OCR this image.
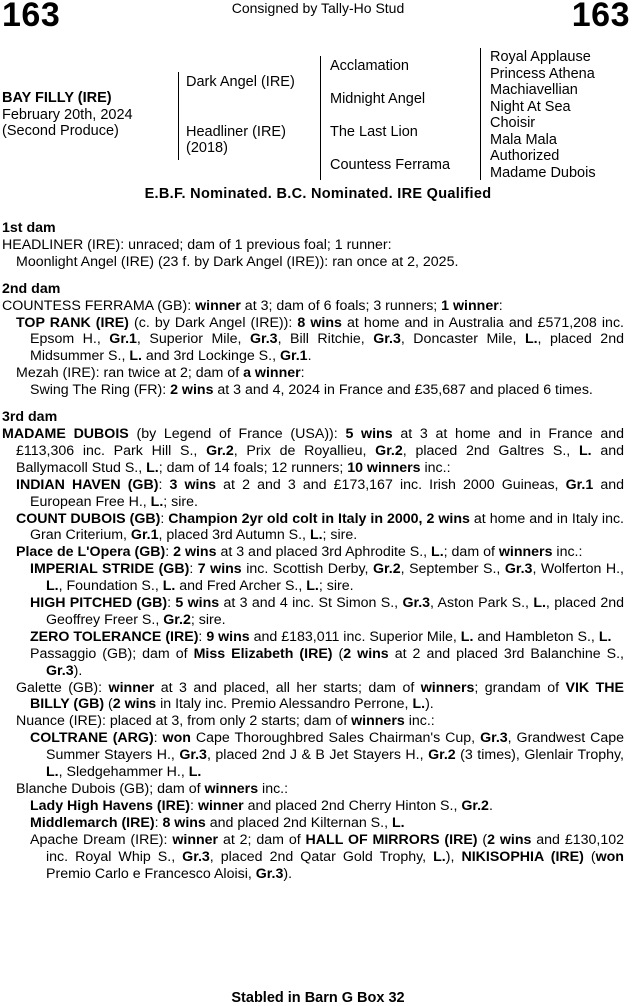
163	Consigned by Tally-Ho Stud	163
BAY FILLY (IRE)
February 20th, 2024
(Second Produce)
Dark Angel (IRE)
Headliner (IRE)
(2018)
Acclamation
Midnight Angel
The Last Lion
Countess Ferrama
Royal Applause
Princess Athena
Machiavellian
Night At Sea
Choisir
Mala Mala
Authorized
Madame Dubois
E.B.F. Nominated. B.C. Nominated. IRE Qualified
1st dam
HEADLINER (IRE): unraced; dam of 1 previous foal; 1 runner:
Moonlight Angel (IRE) (23 f. by Dark Angel (IRE)): ran once at 2, 2025.
2nd dam
COUNTESS FERRAMA (GB): winner at 3; dam of 6 foals; 3 runners; 1 winner:
TOP RANK (IRE) (c. by Dark Angel (IRE)): 8 wins at home and in Australia and £571,208 inc. Epsom H., Gr.1, Superior Mile, Gr.3, Bill Ritchie, Gr.3, Doncaster Mile, L., placed 2nd Midsummer S., L. and 3rd Lockinge S., Gr.1.
Mezah (IRE): ran twice at 2; dam of a winner:
Swing The Ring (FR): 2 wins at 3 and 4, 2024 in France and £35,687 and placed 6 times.
3rd dam
MADAME DUBOIS (by Legend of France (USA)): 5 wins at 3 at home and in France and £113,306 inc. Park Hill S., Gr.2, Prix de Royallieu, Gr.2, placed 2nd Galtres S., L. and Ballymacoll Stud S., L.; dam of 14 foals; 12 runners; 10 winners inc.:
INDIAN HAVEN (GB): 3 wins at 2 and 3 and £173,167 inc. Irish 2000 Guineas, Gr.1 and European Free H., L.; sire.
COUNT DUBOIS (GB): Champion 2yr old colt in Italy in 2000, 2 wins at home and in Italy inc. Gran Criterium, Gr.1, placed 3rd Autumn S., L.; sire.
Place de L'Opera (GB): 2 wins at 3 and placed 3rd Aphrodite S., L.; dam of winners inc.:
IMPERIAL STRIDE (GB): 7 wins inc. Scottish Derby, Gr.2, September S., Gr.3, Wolferton H., L., Foundation S., L. and Fred Archer S., L.; sire.
HIGH PITCHED (GB): 5 wins at 3 and 4 inc. St Simon S., Gr.3, Aston Park S., L., placed 2nd Geoffrey Freer S., Gr.2; sire.
ZERO TOLERANCE (IRE): 9 wins and £183,011 inc. Superior Mile, L. and Hambleton S., L.
Passaggio (GB); dam of Miss Elizabeth (IRE) (2 wins at 2 and placed 3rd Balanchine S., Gr.3).
Galette (GB): winner at 3 and placed, all her starts; dam of winners; grandam of VIK THE BILLY (GB) (2 wins in Italy inc. Premio Alessandro Perrone, L.).
Nuance (IRE): placed at 3, from only 2 starts; dam of winners inc.:
COLTRANE (ARG): won Cape Thoroughbred Sales Chairman's Cup, Gr.3, Grandwest Cape Summer Stayers H., Gr.3, placed 2nd J & B Jet Stayers H., Gr.2 (3 times), Glenlair Trophy, L., Sledgehammer H., L.
Blanche Dubois (GB); dam of winners inc.:
Lady High Havens (IRE): winner and placed 2nd Cherry Hinton S., Gr.2.
Middlemarch (IRE): 8 wins and placed 2nd Kilternan S., L.
Apache Dream (IRE): winner at 2; dam of HALL OF MIRRORS (IRE) (2 wins and £130,102 inc. Royal Whip S., Gr.3, placed 2nd Qatar Gold Trophy, L.), NIKISOPHIA (IRE) (won Premio Carlo e Francesco Aloisi, Gr.3).
Stabled in Barn G Box 32
